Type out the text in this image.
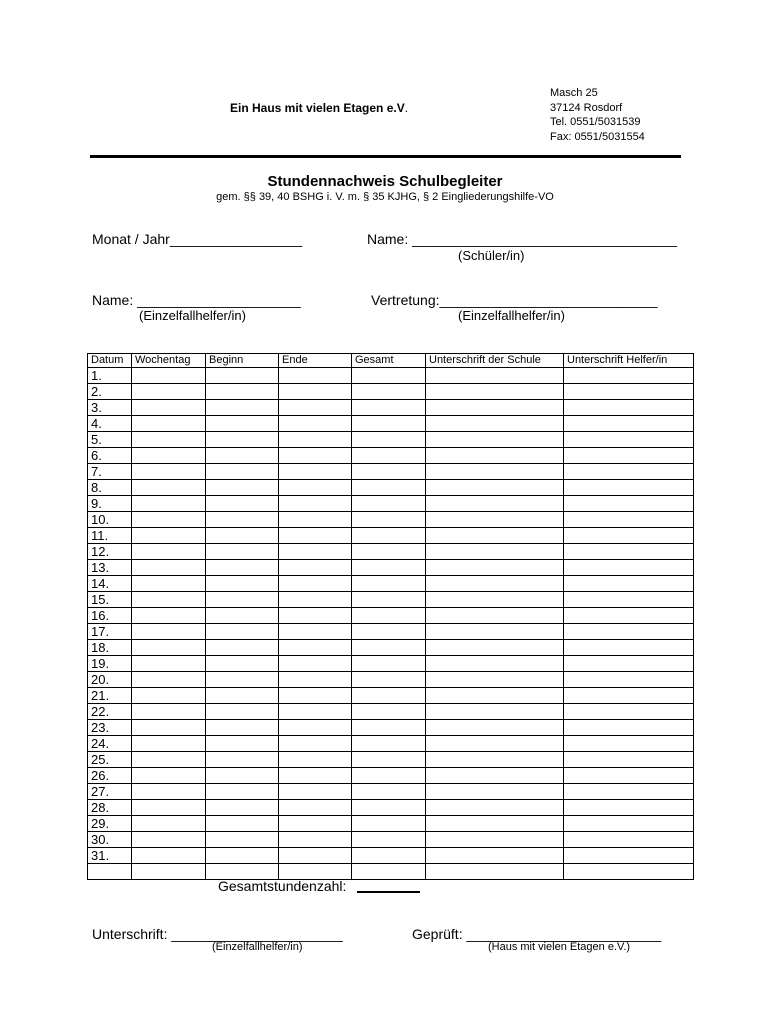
Ein Haus mit vielen Etagen e.V.
Masch 25
37124 Rosdorf
Tel. 0551/5031539
Fax: 0551/5031554
Stundennachweis Schulbegleiter
gem. §§ 39, 40 BSHG i. V. m. § 35 KJHG, § 2 Eingliederungshilfe-VO
Monat / Jahr_________________	Name: __________________________________
(Schüler/in)
Name: _____________________
(Einzelfallhelfer/in)
Vertretung:____________________________
(Einzelfallhelfer/in)
Datum	Wochentag	Beginn	Ende	Gesamt	Unterschrift der Schule	Unterschrift Helfer/in
1.						
2.						
3.						
4.						
5.						
6.						
7.						
8.						
9.						
10.						
11.						
12.						
13.						
14.						
15.						
16.						
17.						
18.						
19.						
20.						
21.						
22.						
23.						
24.						
25.						
26.						
27.						
28.						
29.						
30.						
31.						

Gesamtstundenzahl:
Unterschrift: ______________________
(Einzelfallhelfer/in)
Geprüft: _________________________
(Haus mit vielen Etagen e.V.)
